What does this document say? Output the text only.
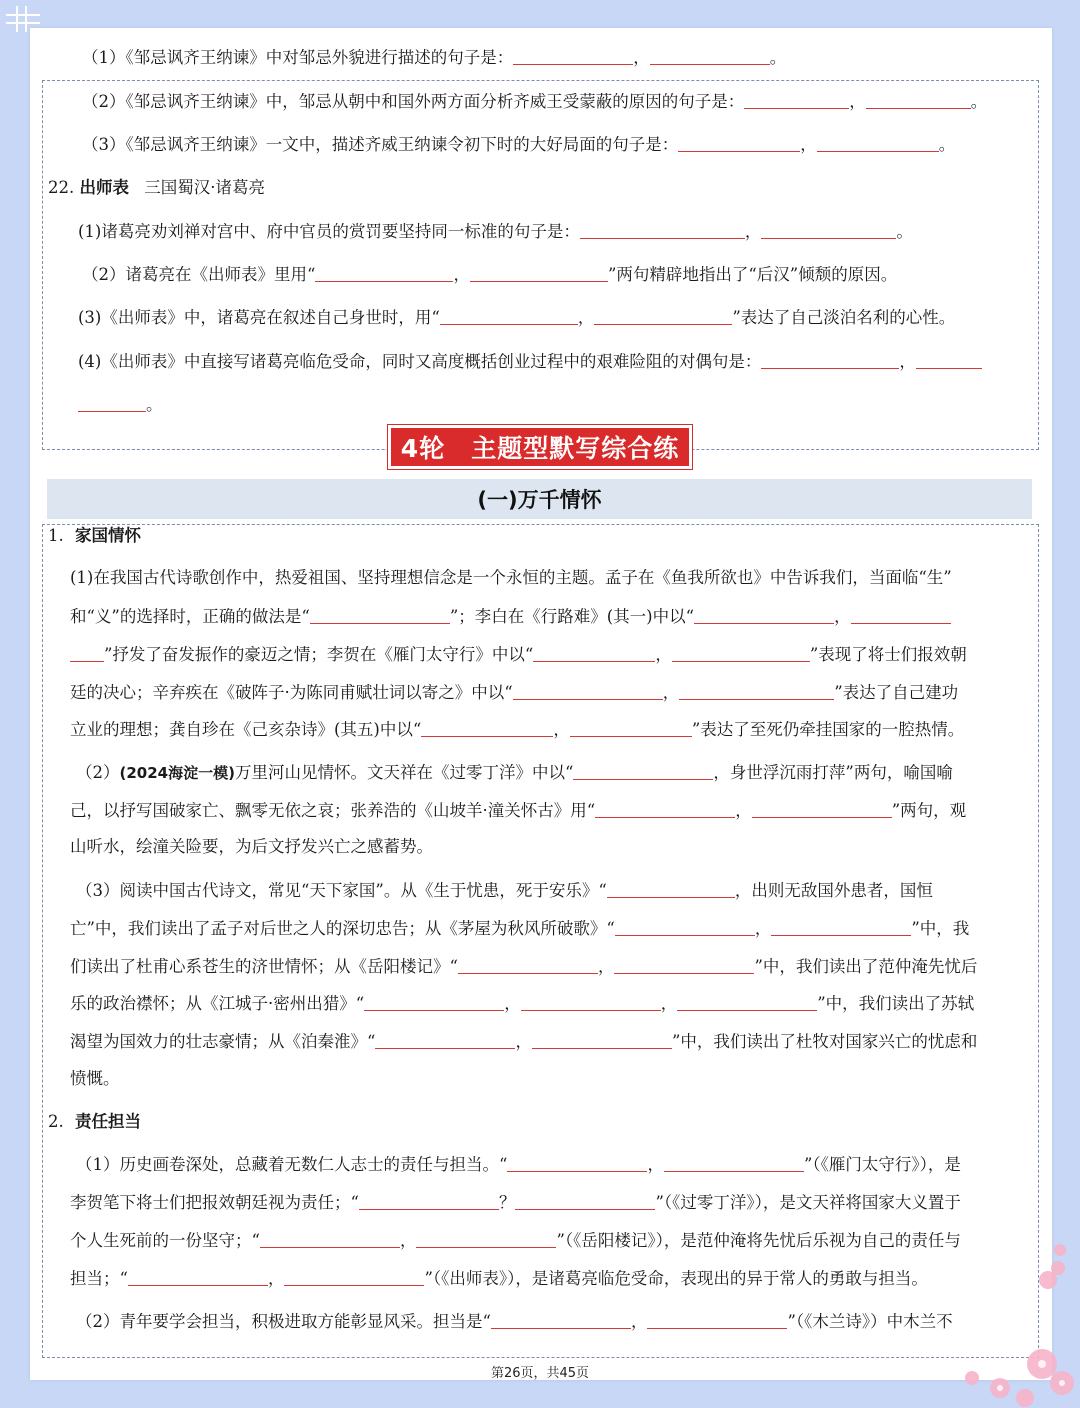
（1）《邹忌讽齐王纳谏》中对邹忌外貌进行描述的句子是：	，	。
（2）《邹忌讽齐王纳谏》中，邹忌从朝中和国外两方面分析齐威王受蒙蔽的原因的句子是：	，	。
（3）《邹忌讽齐王纳谏》一文中，描述齐威王纳谏令初下时的大好局面的句子是：	，	。
22. 出师表 三国蜀汉·诸葛亮
(1)诸葛亮劝刘禅对宫中、府中官员的赏罚要坚持同一标准的句子是：	，	。
（2）诸葛亮在《出师表》里用“	，	”两句精辟地指出了“后汉”倾颓的原因。
(3)《出师表》中，诸葛亮在叙述自己身世时，用“	，	”表达了自己淡泊名利的心性。
(4)《出师表》中直接写诸葛亮临危受命，同时又高度概括创业过程中的艰难险阻的对偶句是：	，
。
4轮　主题型默写综合练
(一)万千情怀
1. 家国情怀
(1)在我国古代诗歌创作中，热爱祖国、坚持理想信念是一个永恒的主题。孟子在《鱼我所欲也》中告诉我们，当面临“生”
和“义”的选择时，正确的做法是“	”；李白在《行路难》(其一)中以“	，
”抒发了奋发振作的豪迈之情；李贺在《雁门太守行》中以“	，	”表现了将士们报效朝
廷的决心；辛弃疾在《破阵子·为陈同甫赋壮词以寄之》中以“	，	”表达了自己建功
立业的理想；龚自珍在《己亥杂诗》(其五)中以“	，	”表达了至死仍牵挂国家的一腔热情。
（2）(2024海淀一模)万里河山见情怀。文天祥在《过零丁洋》中以“	，身世浮沉雨打萍”两句，喻国喻
己，以抒写国破家亡、飘零无依之哀；张养浩的《山坡羊·潼关怀古》用“	，	”两句，观
山听水，绘潼关险要，为后文抒发兴亡之感蓄势。
（3）阅读中国古代诗文，常见“天下家国”。从《生于忧患，死于安乐》“	，出则无敌国外患者，国恒
亡”中，我们读出了孟子对后世之人的深切忠告；从《茅屋为秋风所破歌》“	，	”中，我
们读出了杜甫心系苍生的济世情怀；从《岳阳楼记》“	，	”中，我们读出了范仲淹先忧后
乐的政治襟怀；从《江城子·密州出猎》“	，	，	”中，我们读出了苏轼
渴望为国效力的壮志豪情；从《泊秦淮》“	，	”中，我们读出了杜牧对国家兴亡的忧虑和
愤慨。
2. 责任担当
（1）历史画卷深处，总藏着无数仁人志士的责任与担当。“	，	”（《雁门太守行》），是
李贺笔下将士们把报效朝廷视为责任；“	？	”（《过零丁洋》），是文天祥将国家大义置于
个人生死前的一份坚守；“	，	”（《岳阳楼记》），是范仲淹将先忧后乐视为自己的责任与
担当；“	，	”（《出师表》），是诸葛亮临危受命，表现出的异于常人的勇敢与担当。
（2）青年要学会担当，积极进取方能彰显风采。担当是“	，	”（《木兰诗》）中木兰不
第26页，共45页
